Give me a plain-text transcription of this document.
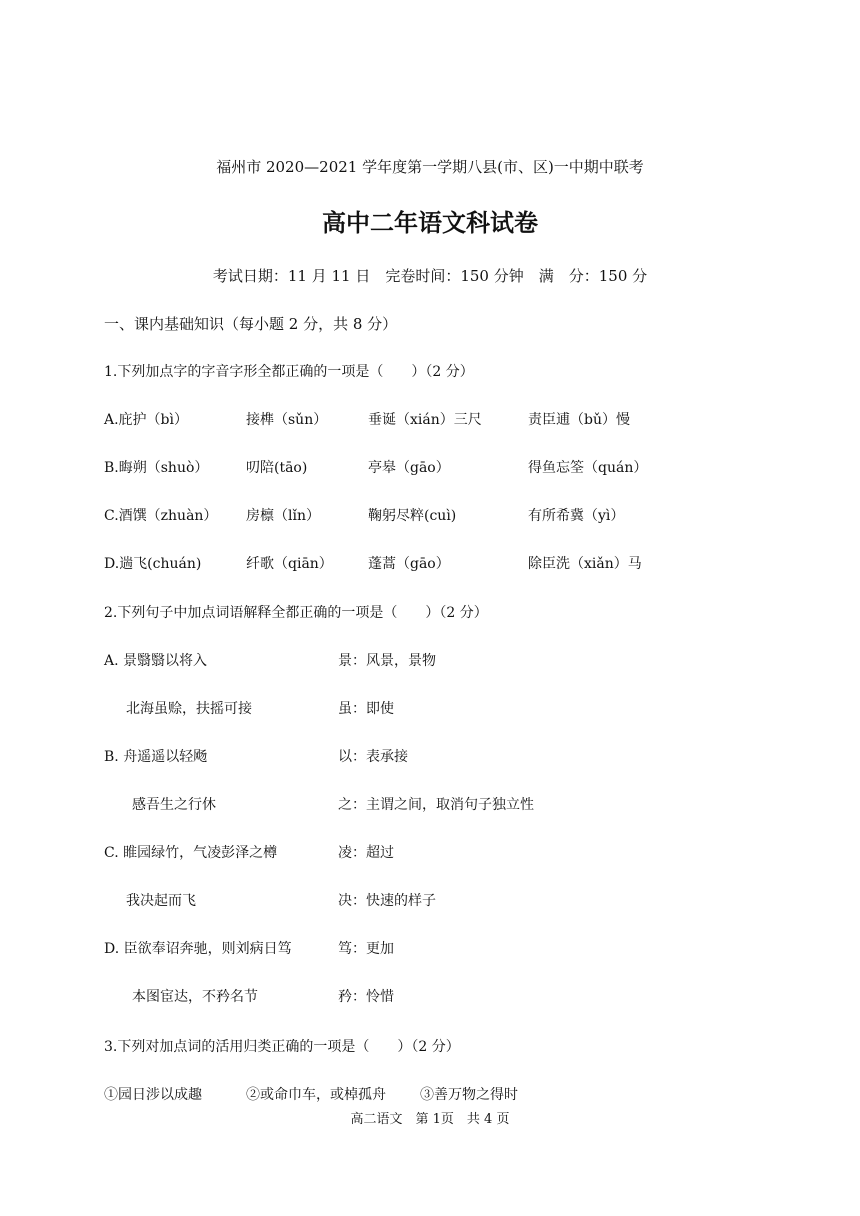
福州市 2020—2021 学年度第一学期八县(市、区)一中期中联考
高中二年语文科试卷
考试日期：11 月 11 日　完卷时间：150 分钟　满　分：150 分
一、课内基础知识（每小题 2 分，共 8 分）
1.下列加点字的字音字形全都正确的一项是（　　）（2 分）
A.庇护（bì）	接榫（sǔn）	垂诞（xián）三尺	责臣逋（bǔ）慢
B.晦朔（shuò）	叨陪(tāo)	亭皋（gāo）	得鱼忘筌（quán）
C.酒馔（zhuàn） 房檩（lǐn）	鞠躬尽粹(cuì)	有所希冀（yì）
D.遄飞(chuán)	纤歌（qiān）	蓬蒿（gāo）	除臣洗（xiǎn）马
2.下列句子中加点词语解释全都正确的一项是（　　）（2 分）
A. 景翳翳以将入	景：风景，景物
北海虽赊，扶摇可接	虽：即使
B. 舟遥遥以轻飏	以：表承接
感吾生之行休	之：主谓之间，取消句子独立性
C. 睢园绿竹，气凌彭泽之樽	凌：超过
我决起而飞	决：快速的样子
D. 臣欲奉诏奔驰，则刘病日笃	笃：更加
本图宦达，不矜名节	矜：怜惜
3.下列对加点词的活用归类正确的一项是（　　）（2 分）
①园日涉以成趣	②或命巾车，或棹孤舟 ③善万物之得时
高二语文　第 1页　共 4 页
